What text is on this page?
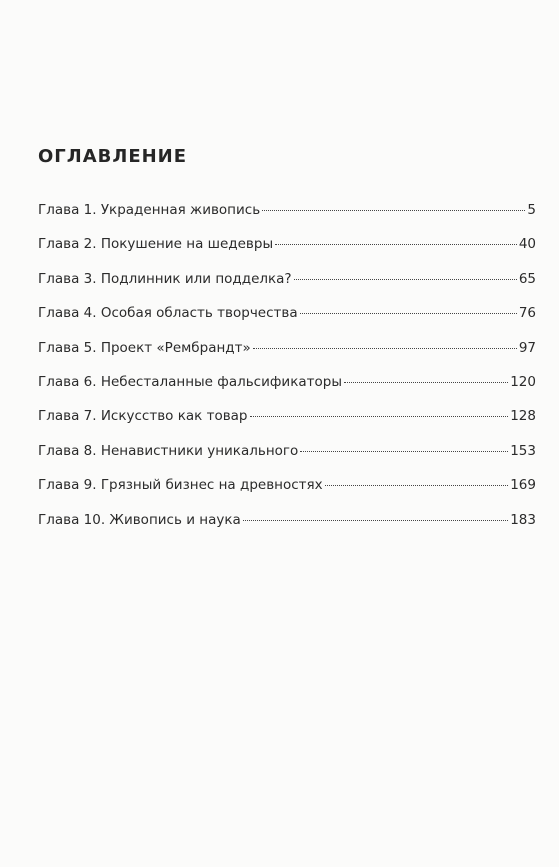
ОГЛАВЛЕНИЕ
Глава 1. Украденная живопись	5
Глава 2. Покушение на шедевры	40
Глава 3. Подлинник или подделка?	65
Глава 4. Особая область творчества	76
Глава 5. Проект «Рембрандт»	97
Глава 6. Небесталанные фальсификаторы	120
Глава 7. Искусство как товар	128
Глава 8. Ненавистники уникального	153
Глава 9. Грязный бизнес на древностях	169
Глава 10. Живопись и наука	183
